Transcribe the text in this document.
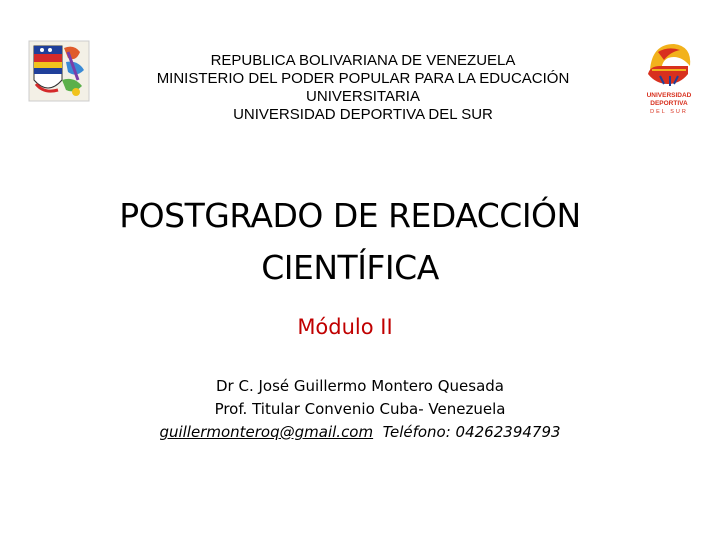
REPUBLICA BOLIVARIANA DE VENEZUELA
MINISTERIO DEL PODER POPULAR PARA LA EDUCACIÓN
UNIVERSITARIA
UNIVERSIDAD DEPORTIVA DEL SUR
UNIVERSIDAD
DEPORTIVA
DEL SUR
POSTGRADO DE REDACCIÓN
CIENTÍFICA
Módulo II
Dr C. José Guillermo Montero Quesada
Prof. Titular Convenio Cuba- Venezuela
guillermonteroq@gmail.com Teléfono: 04262394793
